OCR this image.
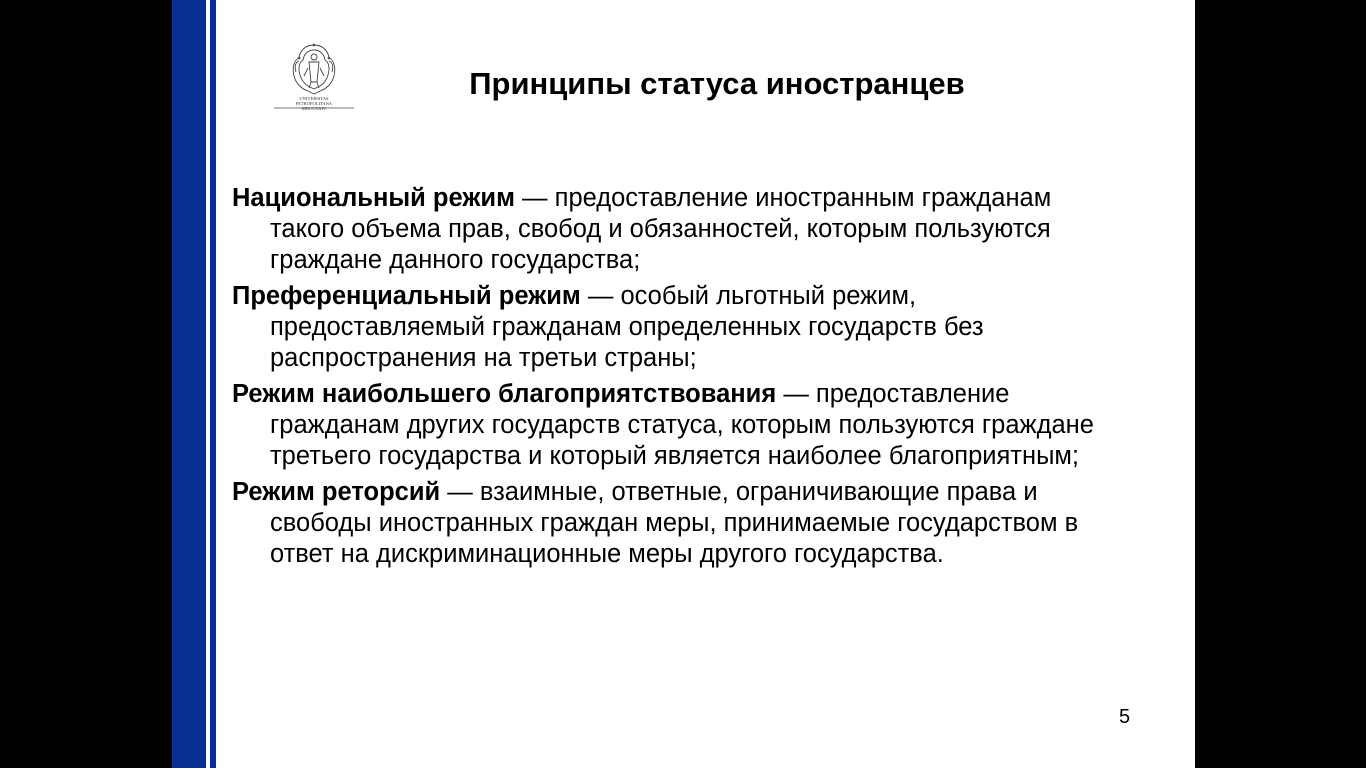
UNIVERSITAS
PETROPOLITANA
MDCCXXIV
Принципы статуса иностранцев

Национальный режим — предоставление иностранным гражданам такого объема прав, свобод и обязанностей, которым пользуются граждане данного государства;

Преференциальный режим — особый льготный режим, предоставляемый гражданам определенных государств без распространения на третьи страны;

Режим наибольшего благоприятствования — предоставление гражданам других государств статуса, которым пользуются граждане третьего государства и который является наиболее благоприятным;

Режим реторсий — взаимные, ответные, ограничивающие права и свободы иностранных граждан меры, принимаемые государством в ответ на дискриминационные меры другого государства.

5
